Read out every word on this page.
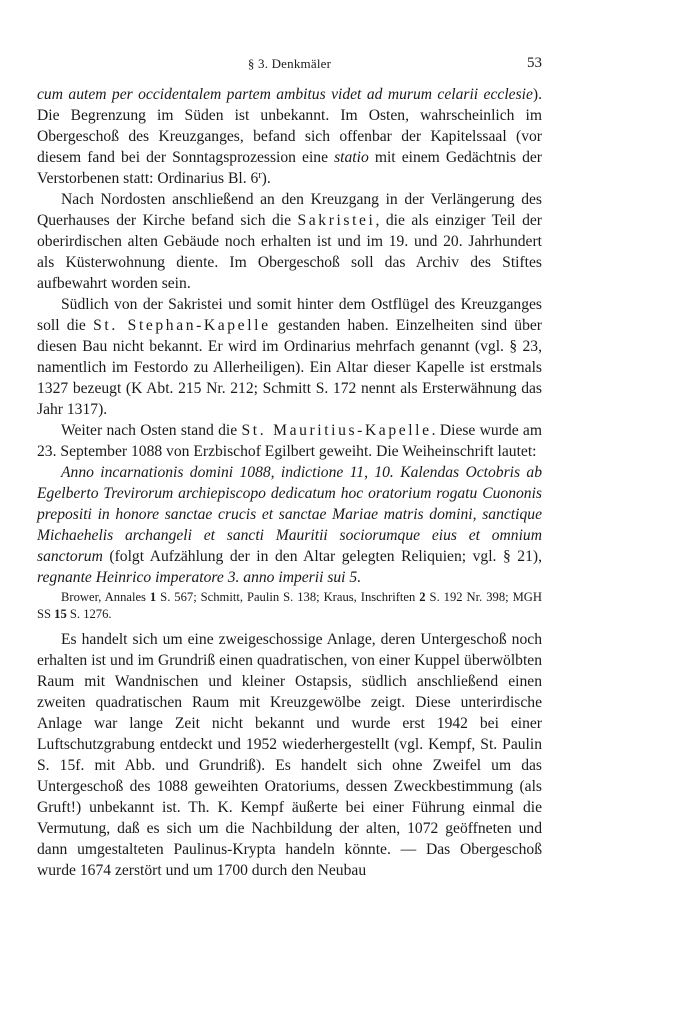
§ 3. Denkmäler	53

cum autem per occidentalem partem ambitus videt ad murum celarii ecclesie). Die Begrenzung im Süden ist unbekannt. Im Osten, wahrscheinlich im Obergeschoß des Kreuzganges, befand sich offenbar der Kapitelssaal (vor diesem fand bei der Sonntagsprozession eine statio mit einem Gedächtnis der Verstorbenen statt: Ordinarius Bl. 6$^r$).

Nach Nordosten anschließend an den Kreuzgang in der Verlängerung des Querhauses der Kirche befand sich die Sakristei, die als einziger Teil der oberirdischen alten Gebäude noch erhalten ist und im 19. und 20. Jahrhundert als Küsterwohnung diente. Im Obergeschoß soll das Archiv des Stiftes aufbewahrt worden sein.

Südlich von der Sakristei und somit hinter dem Ostflügel des Kreuzganges soll die St. Stephan-Kapelle gestanden haben. Einzelheiten sind über diesen Bau nicht bekannt. Er wird im Ordinarius mehrfach genannt (vgl. § 23, namentlich im Festordo zu Allerheiligen). Ein Altar dieser Kapelle ist erstmals 1327 bezeugt (K Abt. 215 Nr. 212; Schmitt S. 172 nennt als Ersterwähnung das Jahr 1317).

Weiter nach Osten stand die St. Mauritius-Kapelle. Diese wurde am 23. September 1088 von Erzbischof Egilbert geweiht. Die Weiheinschrift lautet:

Anno incarnationis domini 1088, indictione 11, 10. Kalendas Octobris ab Egelberto Trevirorum archiepiscopo dedicatum hoc oratorium rogatu Cuononis prepositi in honore sanctae crucis et sanctae Mariae matris domini, sanctique Michaehelis archangeli et sancti Mauritii sociorumque eius et omnium sanctorum (folgt Aufzählung der in den Altar gelegten Reliquien; vgl. § 21), regnante Heinrico imperatore 3. anno imperii sui 5.

Brower, Annales 1 S. 567; Schmitt, Paulin S. 138; Kraus, Inschriften 2 S. 192 Nr. 398; MGH SS 15 S. 1276.

Es handelt sich um eine zweigeschossige Anlage, deren Untergeschoß noch erhalten ist und im Grundriß einen quadratischen, von einer Kuppel überwölbten Raum mit Wandnischen und kleiner Ostapsis, südlich anschließend einen zweiten quadratischen Raum mit Kreuzgewölbe zeigt. Diese unterirdische Anlage war lange Zeit nicht bekannt und wurde erst 1942 bei einer Luftschutzgrabung entdeckt und 1952 wiederhergestellt (vgl. Kempf, St. Paulin S. 15f. mit Abb. und Grundriß). Es handelt sich ohne Zweifel um das Untergeschoß des 1088 geweihten Oratoriums, dessen Zweckbestimmung (als Gruft!) unbekannt ist. Th. K. Kempf äußerte bei einer Führung einmal die Vermutung, daß es sich um die Nachbildung der alten, 1072 geöffneten und dann umgestalteten Paulinus-Krypta handeln könnte. — Das Obergeschoß wurde 1674 zerstört und um 1700 durch den Neubau
